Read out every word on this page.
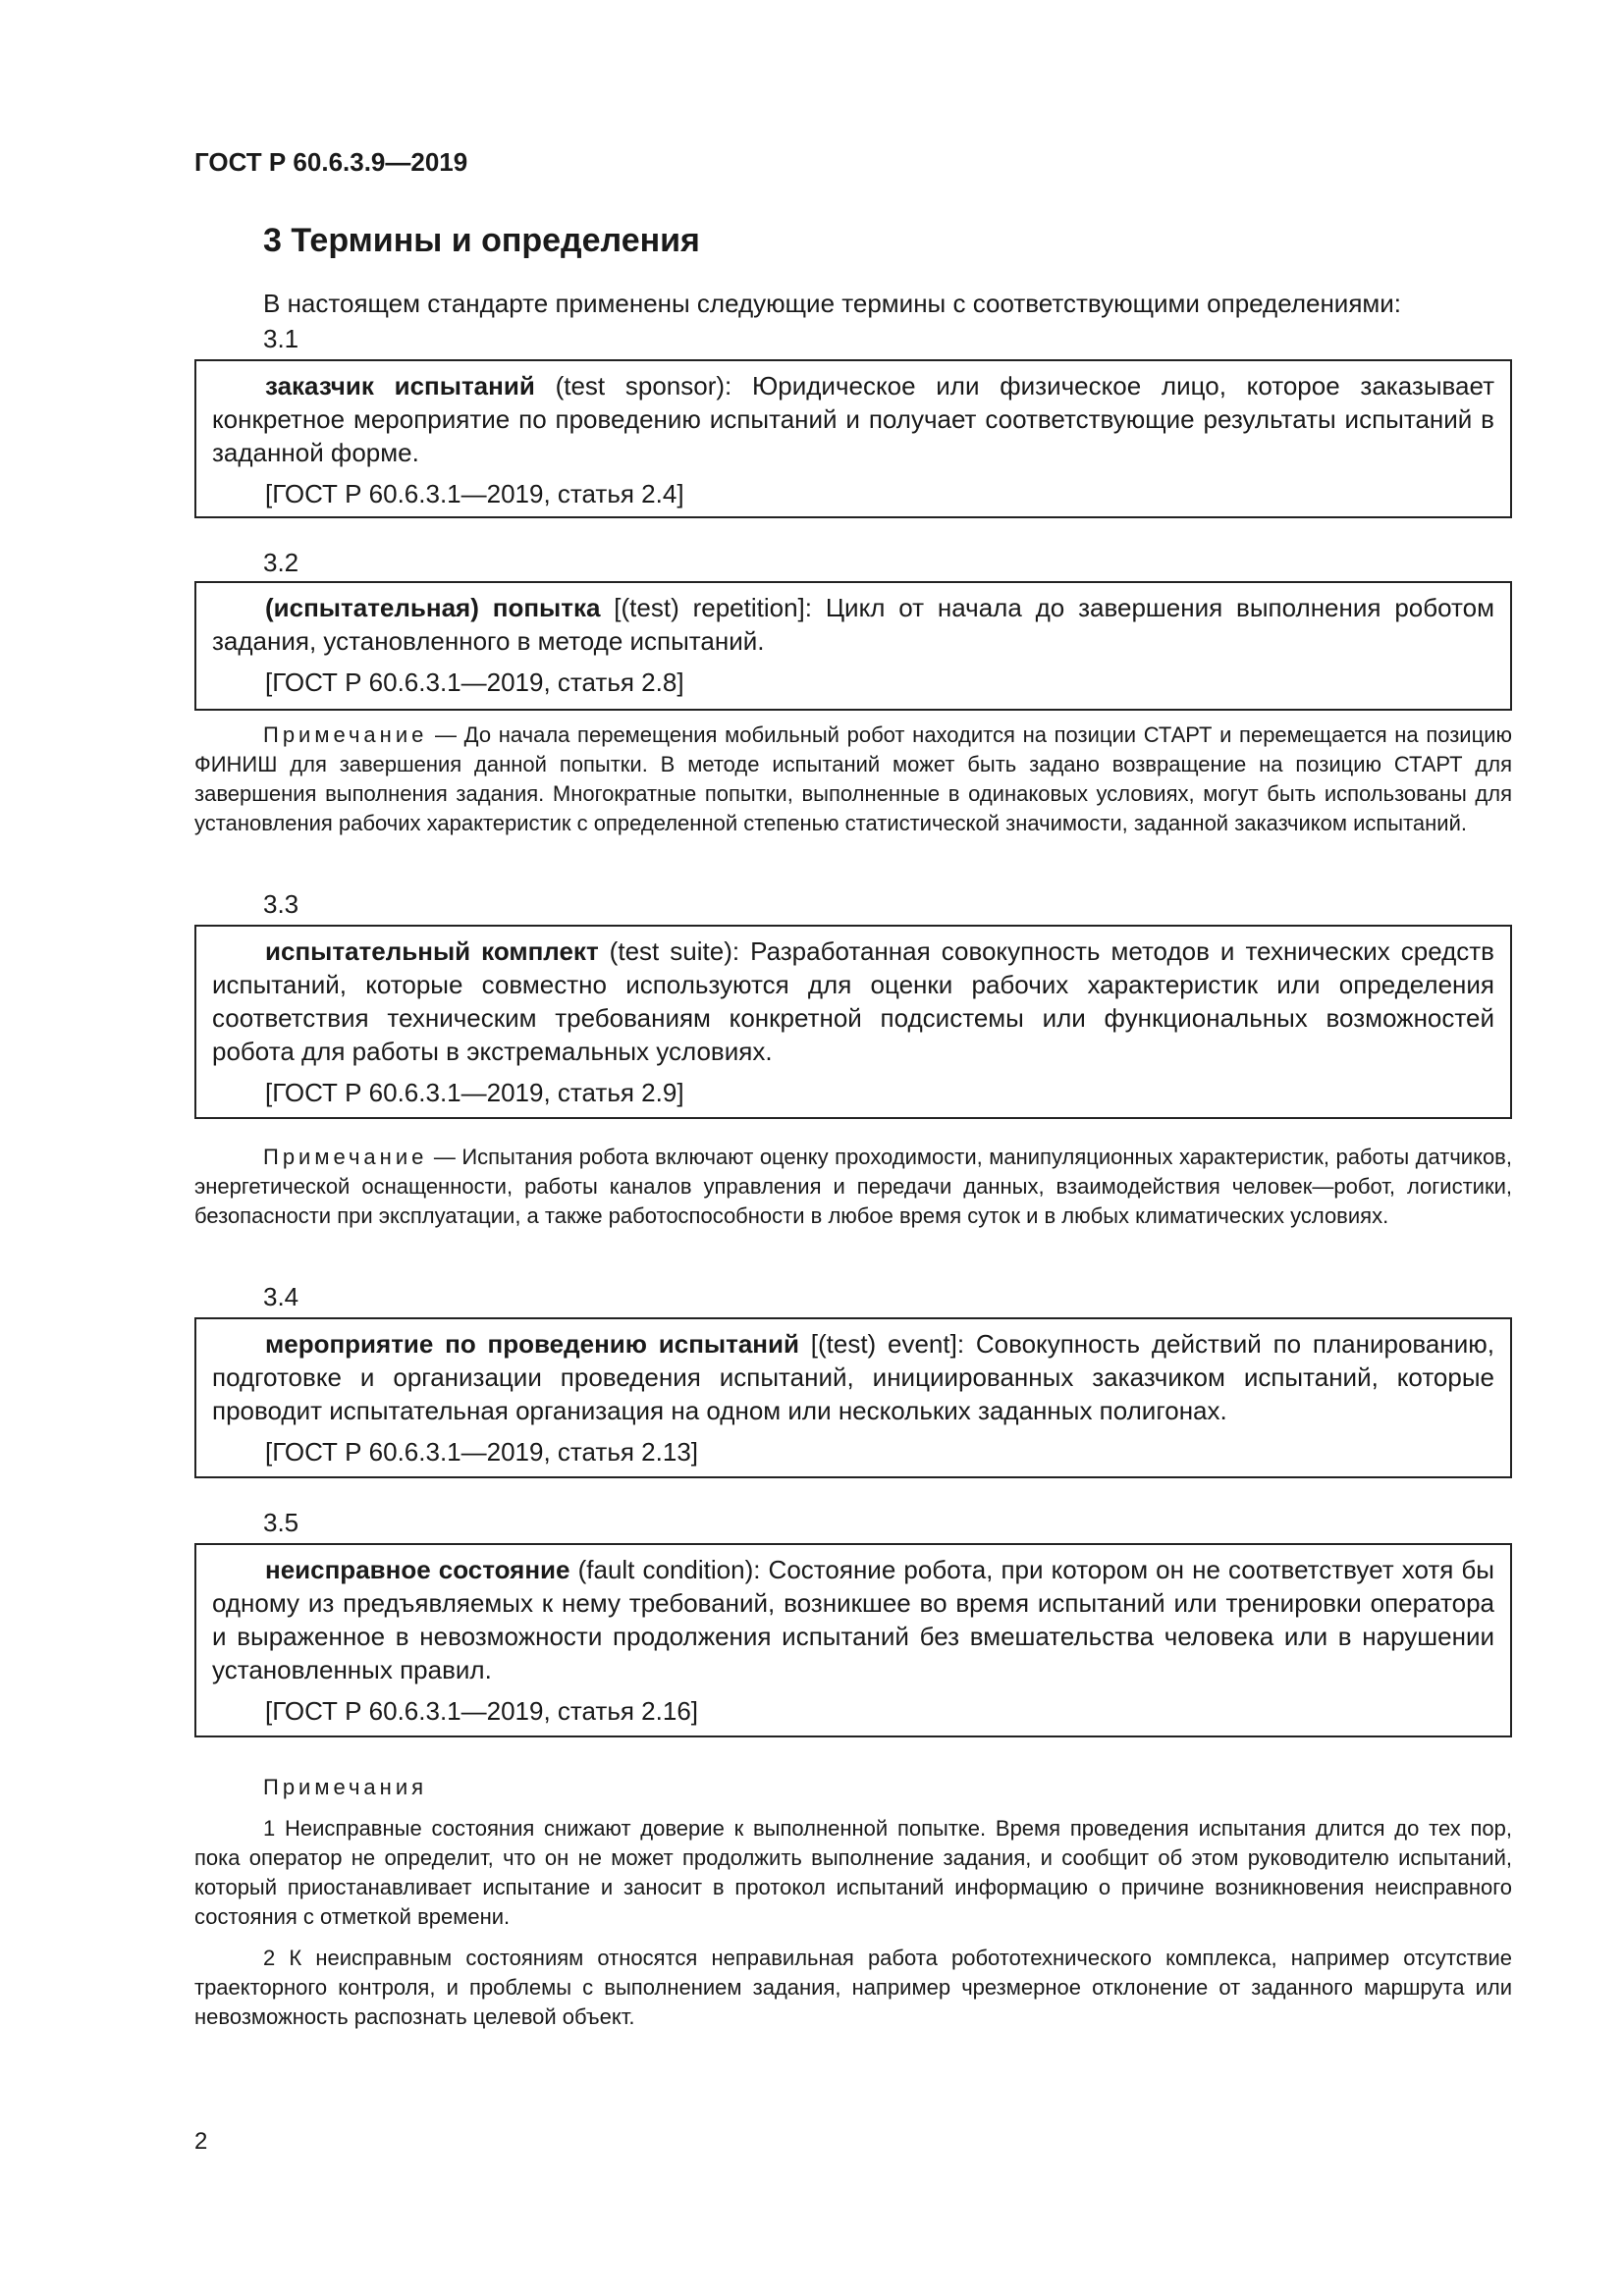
ГОСТ Р 60.6.3.9—2019
3 Термины и определения
В настоящем стандарте применены следующие термины с соответствующими определениями:
3.1

заказчик испытаний (test sponsor): Юридическое или физическое лицо, которое заказывает конкретное мероприятие по проведению испытаний и получает соответствующие результаты испытаний в заданной форме.

[ГОСТ Р 60.6.3.1—2019, статья 2.4]

3.2

(испытательная) попытка [(test) repetition]: Цикл от начала до завершения выполнения роботом задания, установленного в методе испытаний.

[ГОСТ Р 60.6.3.1—2019, статья 2.8]

Примечание — До начала перемещения мобильный робот находится на позиции СТАРТ и перемещается на позицию ФИНИШ для завершения данной попытки. В методе испытаний может быть задано возвращение на позицию СТАРТ для завершения выполнения задания. Многократные попытки, выполненные в одинаковых условиях, могут быть использованы для установления рабочих характеристик с определенной степенью статистической значимости, заданной заказчиком испытаний.

3.3

испытательный комплект (test suite): Разработанная совокупность методов и технических средств испытаний, которые совместно используются для оценки рабочих характеристик или определения соответствия техническим требованиям конкретной подсистемы или функциональных возможностей робота для работы в экстремальных условиях.

[ГОСТ Р 60.6.3.1—2019, статья 2.9]

Примечание — Испытания робота включают оценку проходимости, манипуляционных характеристик, работы датчиков, энергетической оснащенности, работы каналов управления и передачи данных, взаимодействия человек—робот, логистики, безопасности при эксплуатации, а также работоспособности в любое время суток и в любых климатических условиях.

3.4

мероприятие по проведению испытаний [(test) event]: Совокупность действий по планированию, подготовке и организации проведения испытаний, инициированных заказчиком испытаний, которые проводит испытательная организация на одном или нескольких заданных полигонах.

[ГОСТ Р 60.6.3.1—2019, статья 2.13]

3.5

неисправное состояние (fault condition): Состояние робота, при котором он не соответствует хотя бы одному из предъявляемых к нему требований, возникшее во время испытаний или тренировки оператора и выраженное в невозможности продолжения испытаний без вмешательства человека или в нарушении установленных правил.

[ГОСТ Р 60.6.3.1—2019, статья 2.16]

Примечания

1 Неисправные состояния снижают доверие к выполненной попытке. Время проведения испытания длится до тех пор, пока оператор не определит, что он не может продолжить выполнение задания, и сообщит об этом руководителю испытаний, который приостанавливает испытание и заносит в протокол испытаний информацию о причине возникновения неисправного состояния с отметкой времени.

2 К неисправным состояниям относятся неправильная работа робототехнического комплекса, например отсутствие траекторного контроля, и проблемы с выполнением задания, например чрезмерное отклонение от заданного маршрута или невозможность распознать целевой объект.

2
